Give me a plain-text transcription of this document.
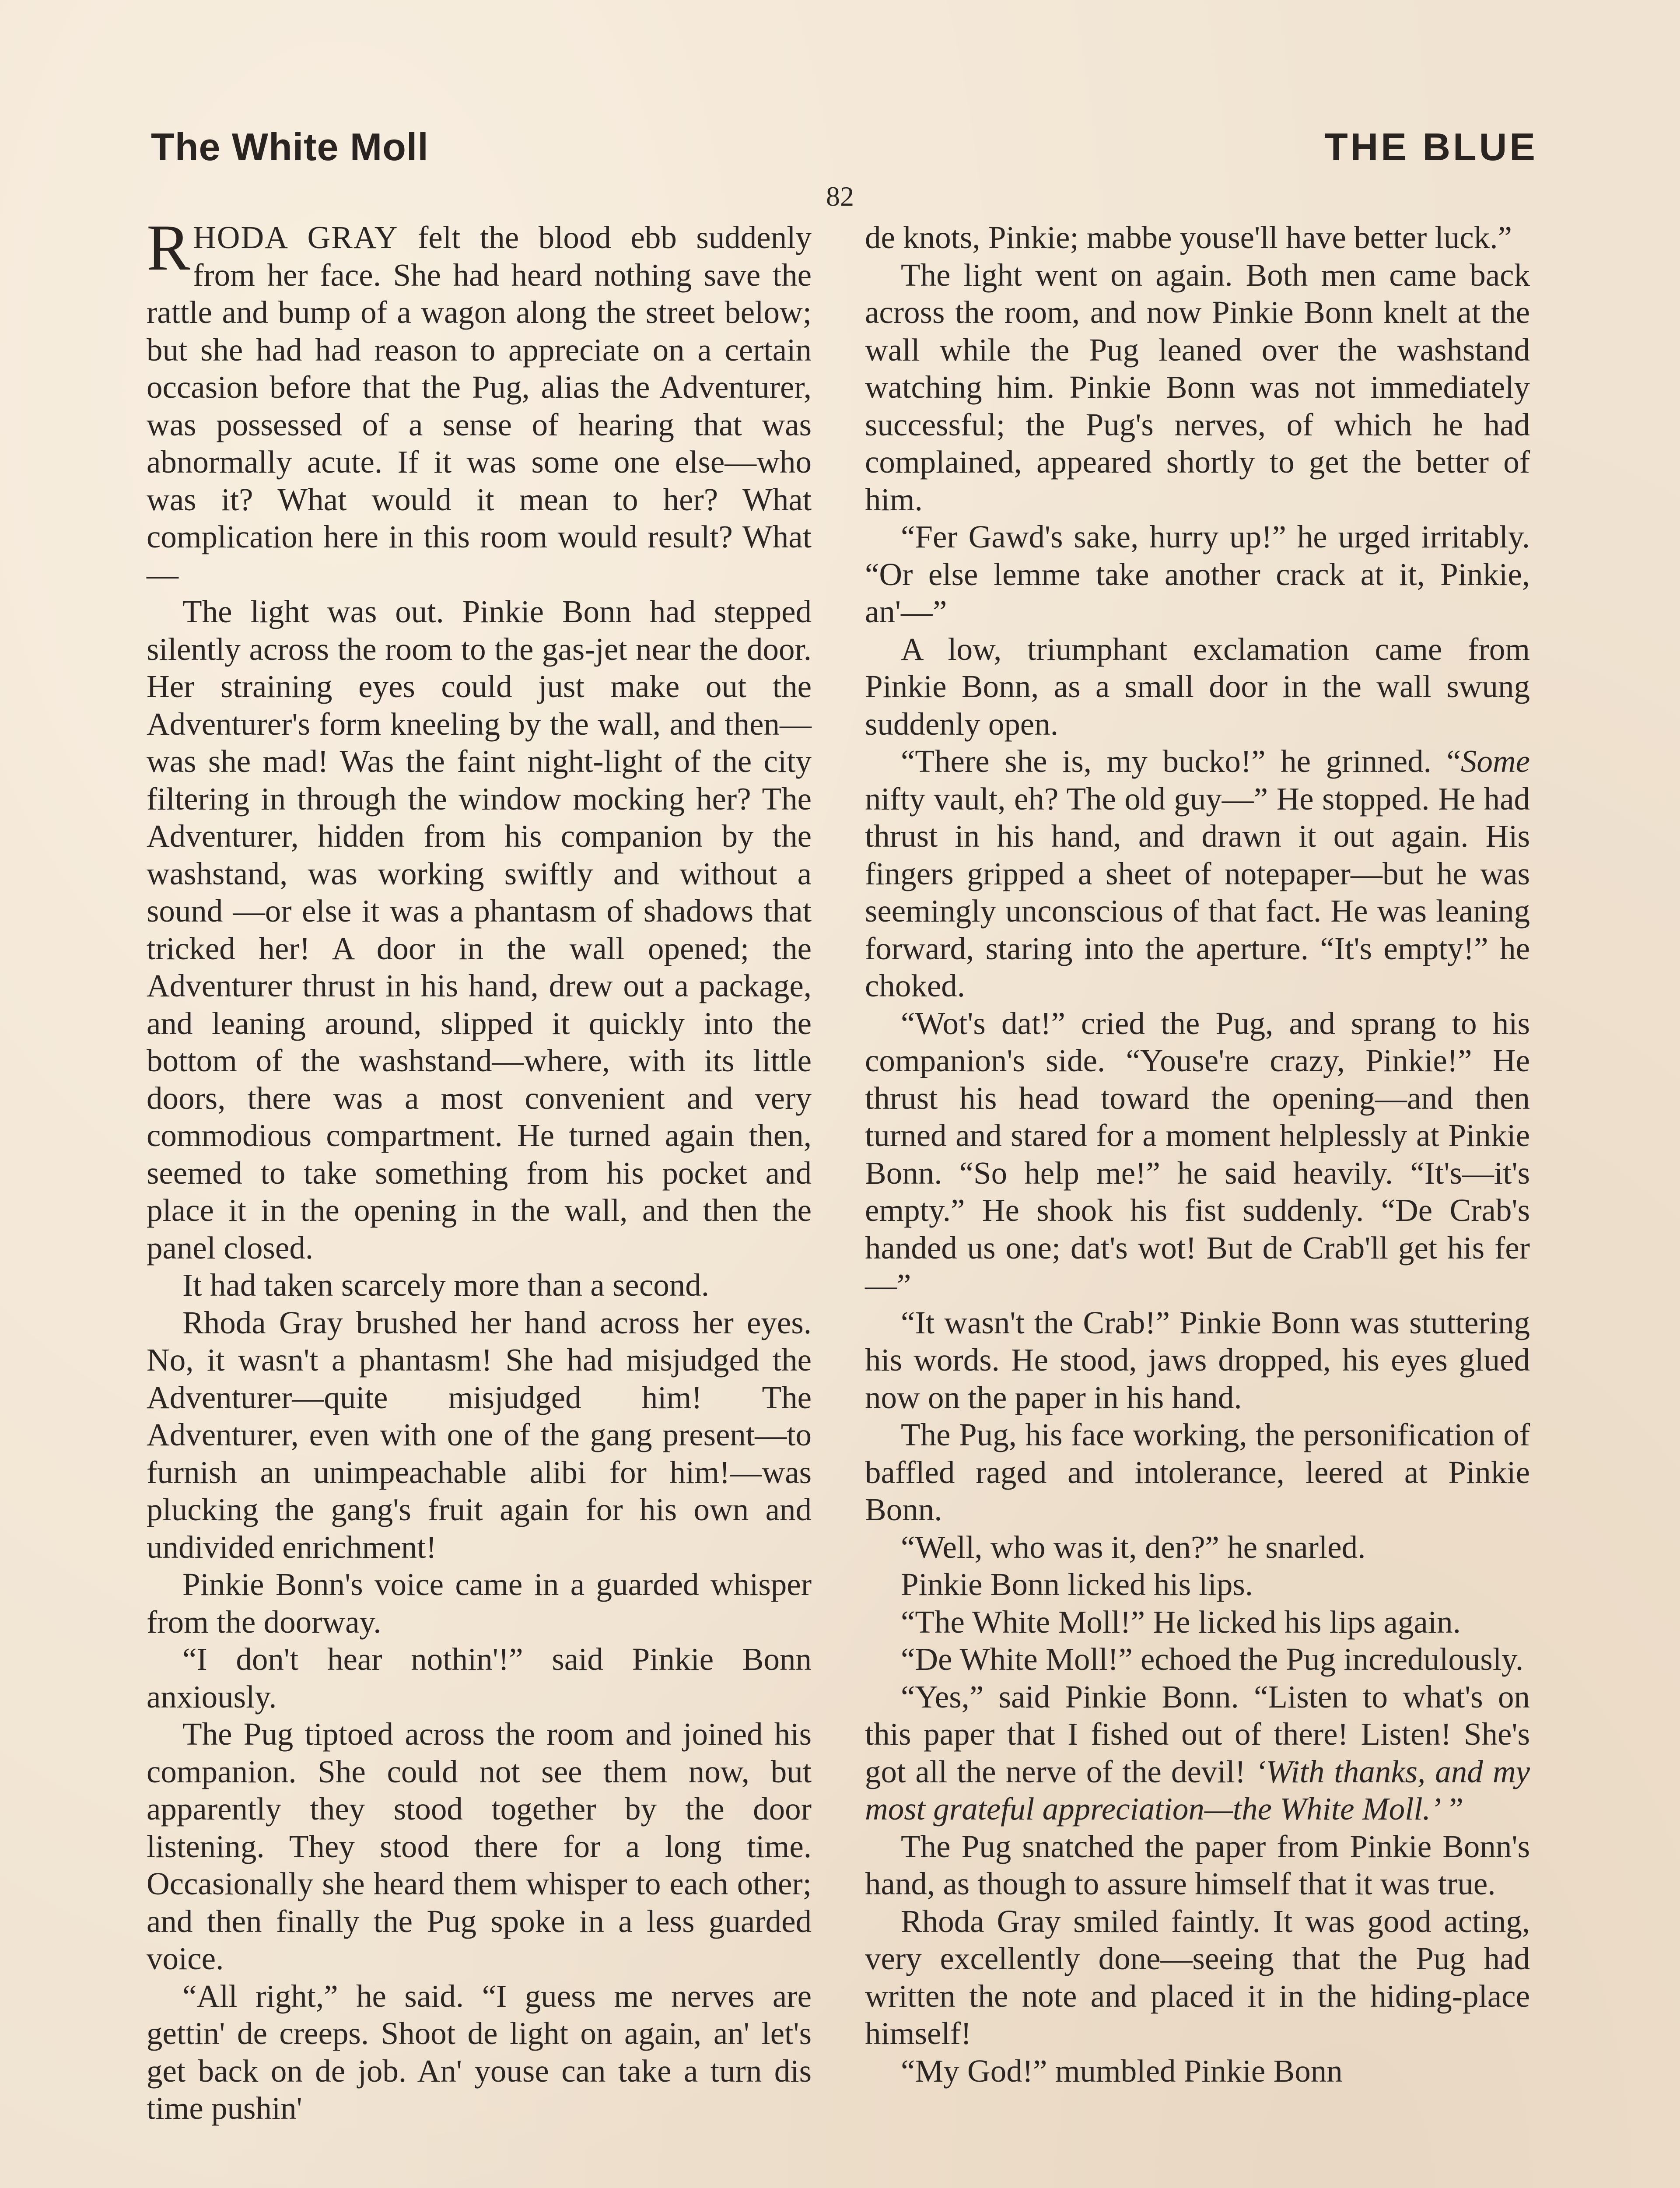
The White Moll
82
THE BLUE

RHODA GRAY felt the blood ebb suddenly from her face. She had heard nothing save the rattle and bump of a wagon along the street below; but she had had reason to appreciate on a certain occasion before that the Pug, alias the Adventurer, was possessed of a sense of hearing that was abnormally acute. If it was some one else—who was it? What would it mean to her? What complication here in this room would result? What—

The light was out. Pinkie Bonn had stepped silently across the room to the gas-jet near the door. Her straining eyes could just make out the Adventurer's form kneeling by the wall, and then—was she mad! Was the faint night-light of the city filtering in through the window mocking her? The Adventurer, hidden from his companion by the washstand, was working swiftly and without a sound —or else it was a phantasm of shadows that tricked her! A door in the wall opened; the Adventurer thrust in his hand, drew out a package, and leaning around, slipped it quickly into the bottom of the washstand—where, with its little doors, there was a most convenient and very commodious compartment. He turned again then, seemed to take something from his pocket and place it in the opening in the wall, and then the panel closed.

It had taken scarcely more than a second.

Rhoda Gray brushed her hand across her eyes. No, it wasn't a phantasm! She had misjudged the Adventurer—quite misjudged him! The Adventurer, even with one of the gang present—to furnish an unimpeachable alibi for him!—was plucking the gang's fruit again for his own and undivided enrichment!

Pinkie Bonn's voice came in a guarded whisper from the doorway.

“I don't hear nothin'!” said Pinkie Bonn anxiously.

The Pug tiptoed across the room and joined his companion. She could not see them now, but apparently they stood together by the door listening. They stood there for a long time. Occasionally she heard them whisper to each other; and then finally the Pug spoke in a less guarded voice.

“All right,” he said. “I guess me nerves are gettin' de creeps. Shoot de light on again, an' let's get back on de job. An' youse can take a turn dis time pushin'

de knots, Pinkie; mabbe youse'll have better luck.”

The light went on again. Both men came back across the room, and now Pinkie Bonn knelt at the wall while the Pug leaned over the washstand watching him. Pinkie Bonn was not immediately successful; the Pug's nerves, of which he had complained, appeared shortly to get the better of him.

“Fer Gawd's sake, hurry up!” he urged irritably. “Or else lemme take another crack at it, Pinkie, an'—”

A low, triumphant exclamation came from Pinkie Bonn, as a small door in the wall swung suddenly open.

“There she is, my bucko!” he grinned. “Some nifty vault, eh? The old guy—” He stopped. He had thrust in his hand, and drawn it out again. His fingers gripped a sheet of notepaper—but he was seemingly unconscious of that fact. He was leaning forward, staring into the aperture. “It's empty!” he choked.

“Wot's dat!” cried the Pug, and sprang to his companion's side. “Youse're crazy, Pinkie!” He thrust his head toward the opening—and then turned and stared for a moment helplessly at Pinkie Bonn. “So help me!” he said heavily. “It's—it's empty.” He shook his fist suddenly. “De Crab's handed us one; dat's wot! But de Crab'll get his fer—”

“It wasn't the Crab!” Pinkie Bonn was stuttering his words. He stood, jaws dropped, his eyes glued now on the paper in his hand.

The Pug, his face working, the personification of baffled raged and intolerance, leered at Pinkie Bonn.

“Well, who was it, den?” he snarled.

Pinkie Bonn licked his lips.

“The White Moll!” He licked his lips again.

“De White Moll!” echoed the Pug incredulously.

“Yes,” said Pinkie Bonn. “Listen to what's on this paper that I fished out of there! Listen! She's got all the nerve of the devil! ‘With thanks, and my most grateful appreciation—the White Moll.’ ”

The Pug snatched the paper from Pinkie Bonn's hand, as though to assure himself that it was true.

Rhoda Gray smiled faintly. It was good acting, very excellently done—seeing that the Pug had written the note and placed it in the hiding-place himself!

“My God!” mumbled Pinkie Bonn
